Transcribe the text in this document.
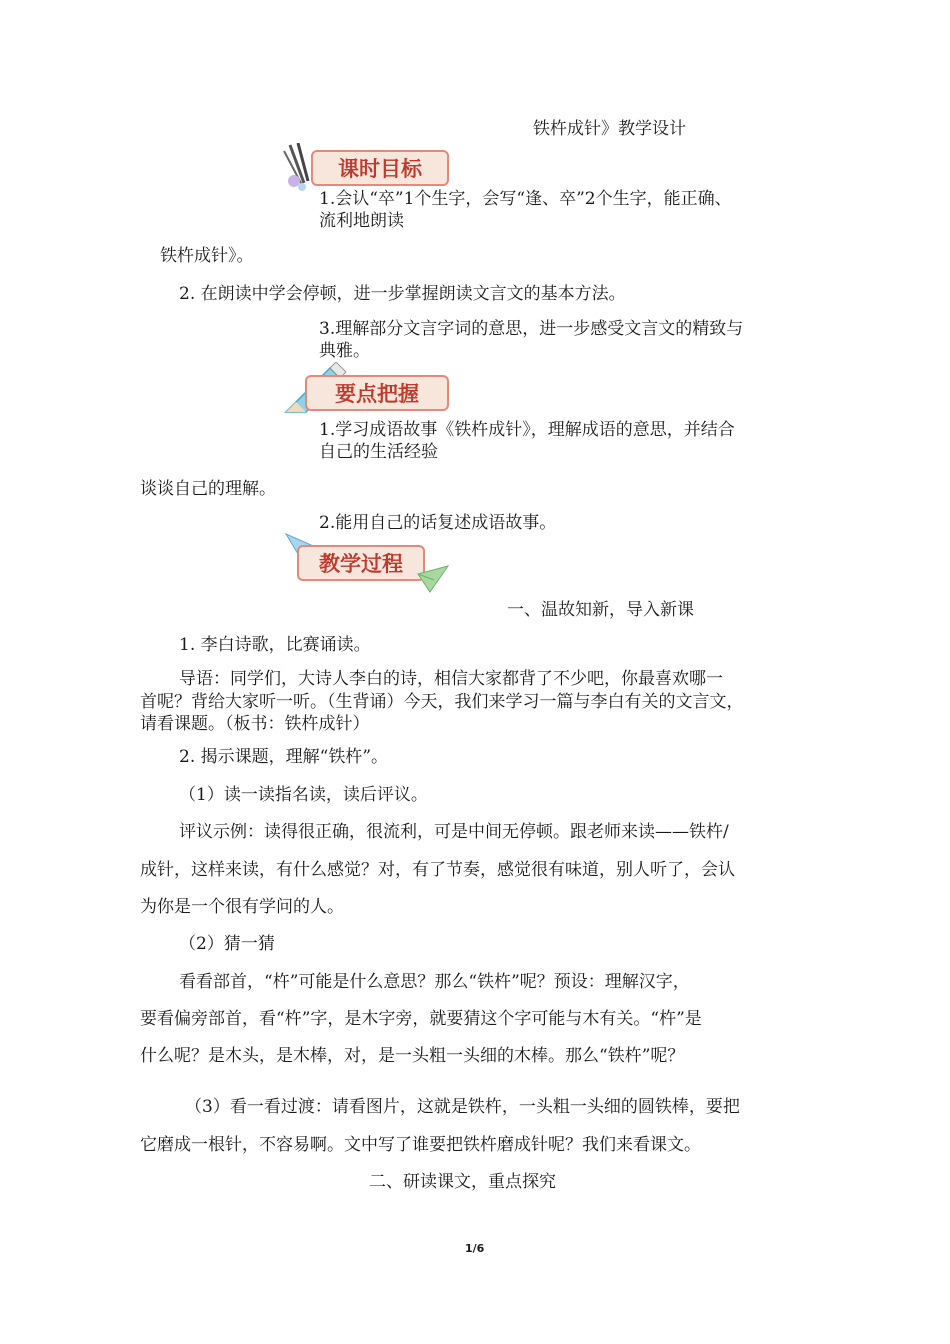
铁杵成针》教学设计
课时目标
1.会认“卒”1个生字，会写“逢、卒”2个生字，能正确、
流利地朗读
铁杵成针》。
2. 在朗读中学会停顿，进一步掌握朗读文言文的基本方法。
3.理解部分文言字词的意思，进一步感受文言文的精致与
典雅。
要点把握
1.学习成语故事《铁杵成针》，理解成语的意思，并结合
自己的生活经验
谈谈自己的理解。
2.能用自己的话复述成语故事。
教学过程
一、温故知新，导入新课
1. 李白诗歌，比赛诵读。
导语：同学们，大诗人李白的诗，相信大家都背了不少吧，你最喜欢哪一
首呢？背给大家听一听。（生背诵）今天，我们来学习一篇与李白有关的文言文，
请看课题。（板书：铁杵成针）
2. 揭示课题，理解“铁杵”。
（1）读一读指名读，读后评议。
评议示例：读得很正确，很流利，可是中间无停顿。跟老师来读——铁杵/
成针，这样来读，有什么感觉？对，有了节奏，感觉很有味道，别人听了，会认
为你是一个很有学问的人。
（2）猜一猜
看看部首，“杵”可能是什么意思？那么“铁杵”呢？预设：理解汉字，
要看偏旁部首，看“杵”字，是木字旁，就要猜这个字可能与木有关。“杵”是
什么呢？是木头，是木棒，对，是一头粗一头细的木棒。那么“铁杵”呢？
（3）看一看过渡：请看图片，这就是铁杵，一头粗一头细的圆铁棒，要把
它磨成一根针，不容易啊。文中写了谁要把铁杵磨成针呢？我们来看课文。
二、研读课文，重点探究
1/6
